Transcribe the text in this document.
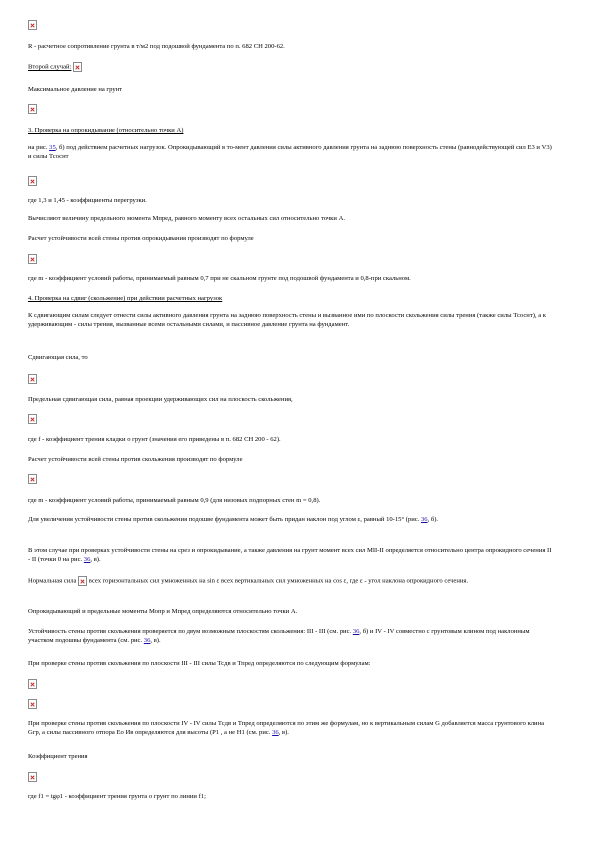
R - расчетное сопротивление грунта в т/м2 под подошвой фундамента по п. 682 СН 200-62.

Второй случай:

Максимальное давление на грунт

3. Проверка на опрокидывание (относительно точки A)

на рис. 35, б) под действием расчетных нагрузок. Опрокидывающий в то-мент давления силы активного давления грунта на заднюю поверхность стены (равнодействующей сил E3 и V3) и силы Тсоснт

где 1,3 и 1,45 - коэффициенты перегрузки.

Вычисляют величину предельного момента Мпред, равного моменту всех остальных сил относительно точки А.

Расчет устойчивости всей стены против опрокидывания производят по формуле

где m - коэффициент условий работы, принимаемый равным 0,7 при не скальном грунте под подошвой фундамента и 0,8-при скальном.

4. Проверка на сдвиг (скольжение) при действии расчетных нагрузок

К сдвигающим силам следует отнести силы активного давления грунта на заднюю поверхность стены и вызванное ими по плоскости скольжения силы трения (также силы Тсоснт), а к удерживающим - силы трения, вызванные всеми остальными силами, и пассивное давление грунта на фундамент.

Сдвигающая сила, то

Предельная сдвигающая сила, равная проекции удерживающих сил на плоскость скольжения,

где f - коэффициент трения кладки о грунт (значения его приведены в п. 682 СН 200 - 62).

Расчет устойчивости всей стены против скольжения производят по формуле

где m - коэффициент условий работы, принимаемый равным 0,9 (для низовых подпорных стен m = 0,8).

Для увеличения устойчивости стены против скольжения подошве фундамента может быть придан наклон под углом ε, равный 10-15° (рис. 36, б).

В этом случае при проверках устойчивости стены на срез и опрокидывание, а также давления на грунт момент всех сил МII-II определяется относительно центра опрокидного сечения II - II (точки 0 на рис. 36, в).

Нормальная сила  всех горизонтальных сил умноженных на sin ε всех вертикальных сил умноженных на cos ε, где ε - угол наклона опрокидного сечения.

Опрокидывающий и предельные моменты Мопр и Мпред определяются относительно точки А.

Устойчивость стены против скольжения проверяется по двум возможным плоскостям скольжения: III - III (см. рис. 36, б) и IV - IV совместно с грунтовым клином под наклонным участком подошвы фундамента (см. рис. 36, в).

При проверке стены против скольжения по плоскости III - III силы Тсдв и Тпред определяются по следующим формулам:

При проверке стены против скольжения по плоскости IV - IV силы Тсдв и Тпред определяются по этим же формулам, но к вертикальным силам G добавляется масса грунтового клина Gгр, а силы пассивного отпора Ео Ив определяются для высоты (Р1 , а не Н1 (см. рис. 36, в).

Коэффициент трения

где f1 = tgφ1 - коэффициент трения грунта о грунт по линии f1;
